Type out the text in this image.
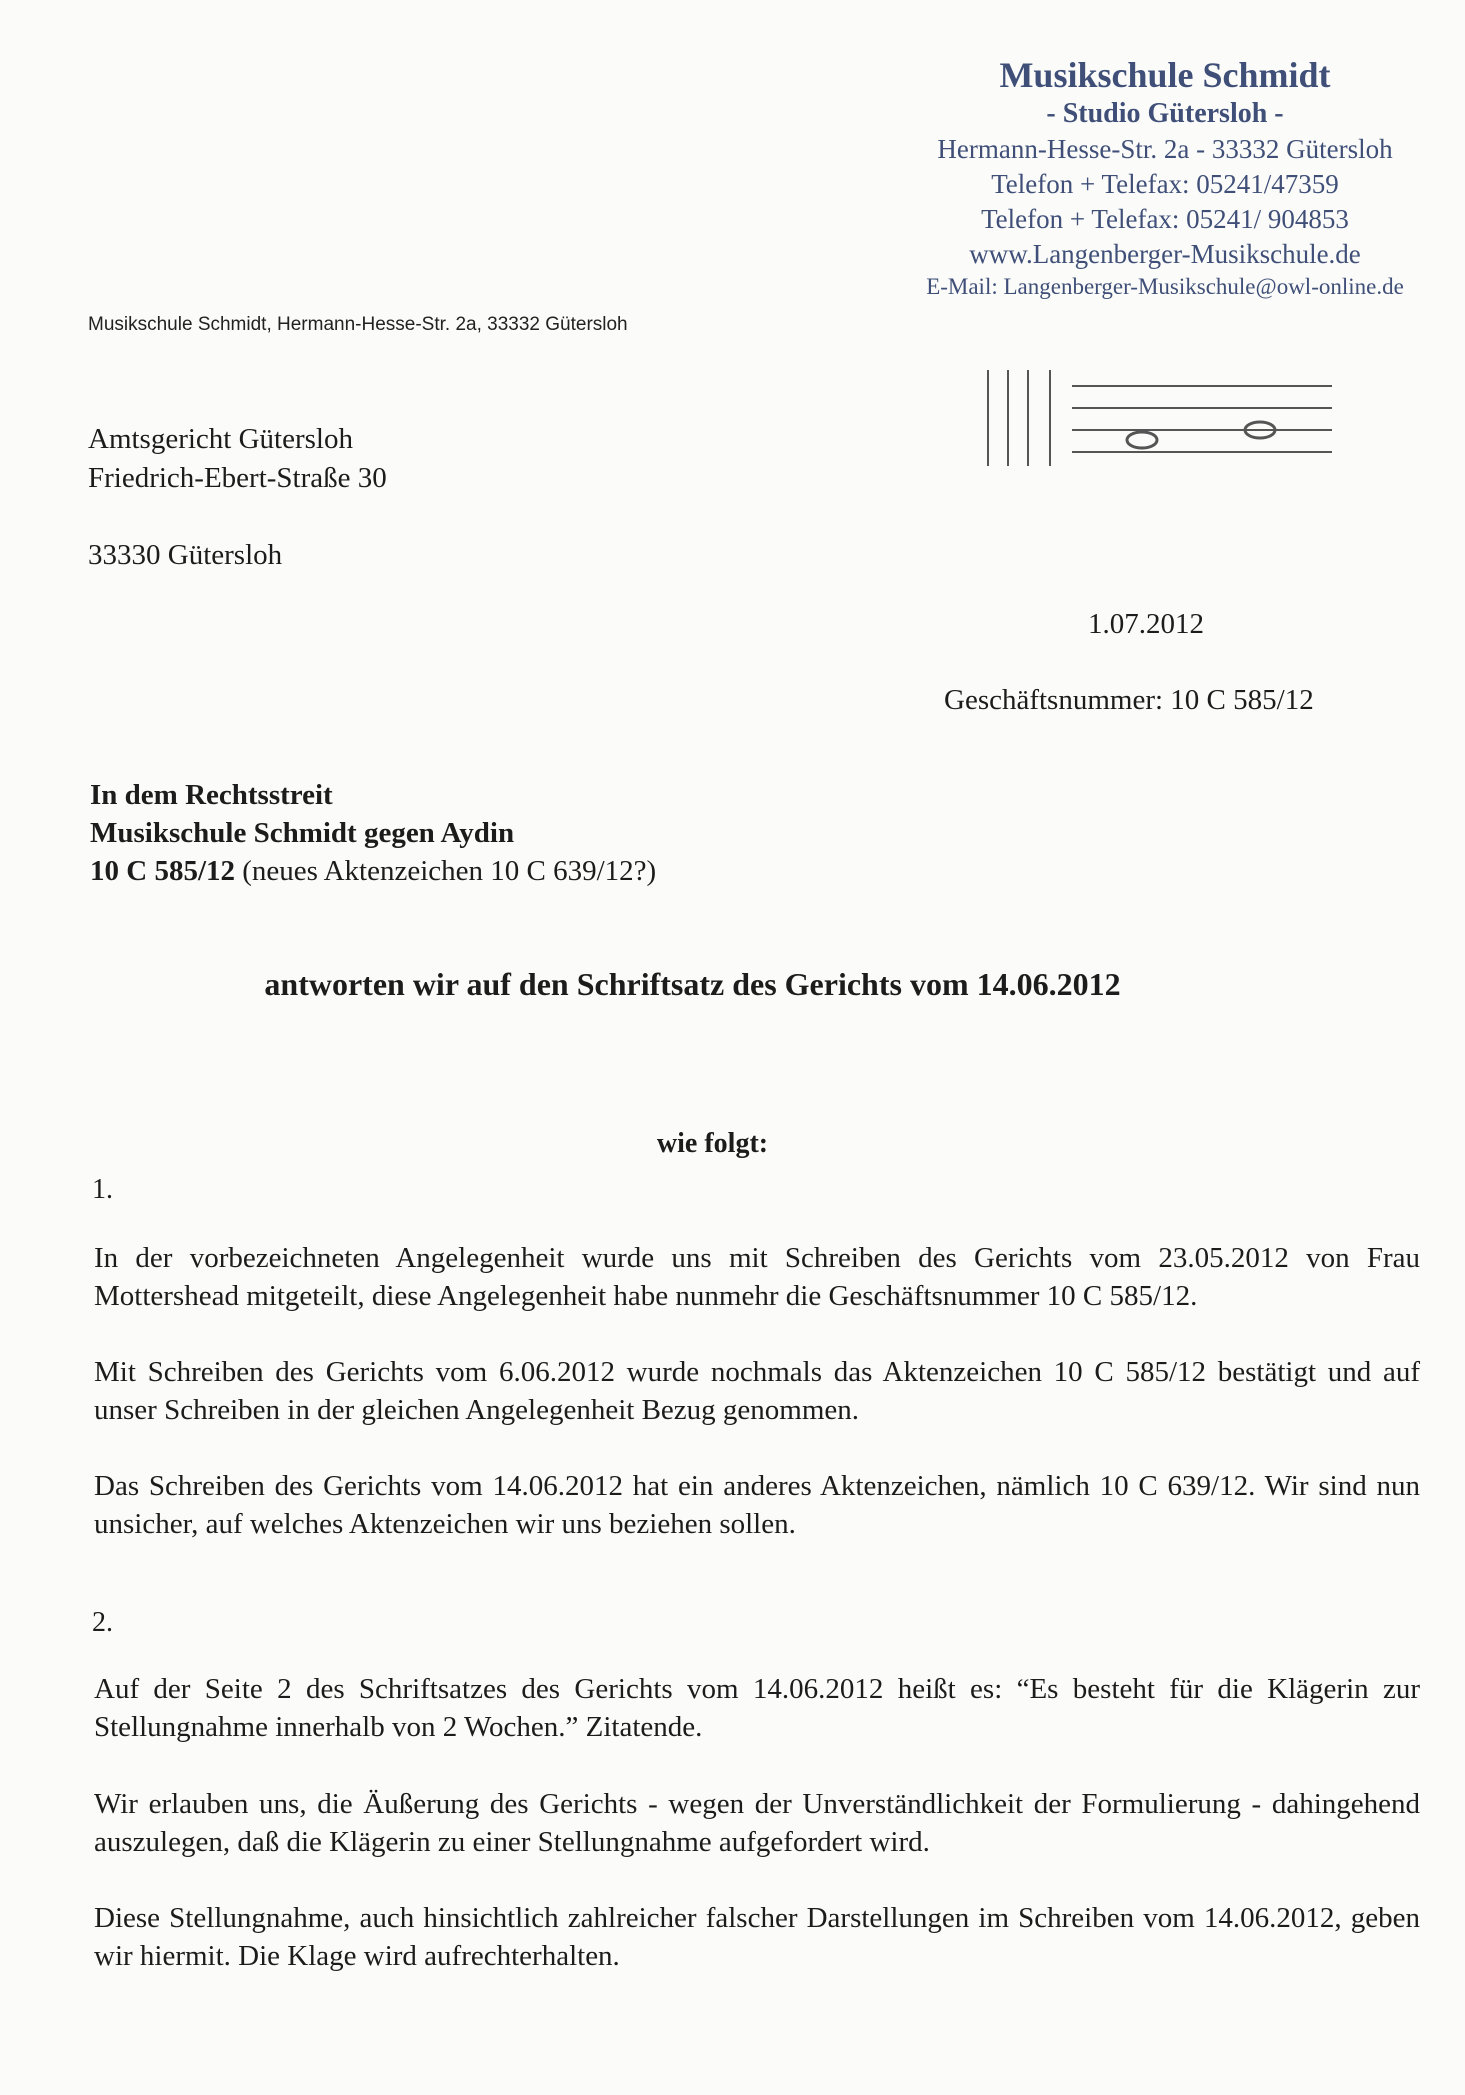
Musikschule Schmidt
- Studio Gütersloh -
Hermann-Hesse-Str. 2a - 33332 Gütersloh
Telefon + Telefax: 05241/47359
Telefon + Telefax: 05241/ 904853
www.Langenberger-Musikschule.de
E-Mail: Langenberger-Musikschule@owl-online.de
Musikschule Schmidt, Hermann-Hesse-Str. 2a, 33332 Gütersloh
Amtsgericht Gütersloh
Friedrich-Ebert-Straße 30
33330 Gütersloh
1.07.2012
Geschäftsnummer: 10 C 585/12
In dem Rechtsstreit
Musikschule Schmidt gegen Aydin
10 C 585/12 (neues Aktenzeichen 10 C 639/12?)
antworten wir auf den Schriftsatz des Gerichts vom 14.06.2012
wie folgt:
1.
In der vorbezeichneten Angelegenheit wurde uns mit Schreiben des Gerichts vom 23.05.2012 von Frau Mottershead mitgeteilt, diese Angelegenheit habe nunmehr die Geschäftsnummer 10 C 585/12.
Mit Schreiben des Gerichts vom 6.06.2012 wurde nochmals das Aktenzeichen 10 C 585/12 bestätigt und auf unser Schreiben in der gleichen Angelegenheit Bezug genommen.
Das Schreiben des Gerichts vom 14.06.2012 hat ein anderes Aktenzeichen, nämlich 10 C 639/12. Wir sind nun unsicher, auf welches Aktenzeichen wir uns beziehen sollen.
2.
Auf der Seite 2 des Schriftsatzes des Gerichts vom 14.06.2012 heißt es: “Es besteht für die Klägerin zur Stellungnahme innerhalb von 2 Wochen.” Zitatende.
Wir erlauben uns, die Äußerung des Gerichts - wegen der Unverständlichkeit der Formulierung - dahingehend auszulegen, daß die Klägerin zu einer Stellungnahme aufgefordert wird.
Diese Stellungnahme, auch hinsichtlich zahlreicher falscher Darstellungen im Schreiben vom 14.06.2012, geben wir hiermit. Die Klage wird aufrechterhalten.
